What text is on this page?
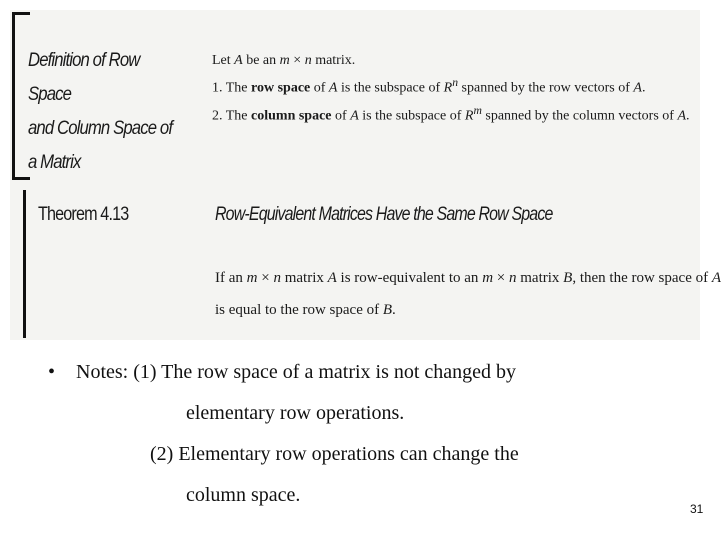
Definition of Row Space
and Column Space of
a Matrix
Let A be an m × n matrix.
1. The row space of A is the subspace of $R^n$ spanned by the row vectors of A.
2. The column space of A is the subspace of $R^m$ spanned by the column vectors of A.
Theorem 4.13	Row-Equivalent Matrices Have the Same Row Space
If an m × n matrix A is row-equivalent to an m × n matrix B, then the row space of A
is equal to the row space of B.
• Notes: (1) The row space of a matrix is not changed by
elementary row operations.
(2) Elementary row operations can change the
column space.
31
